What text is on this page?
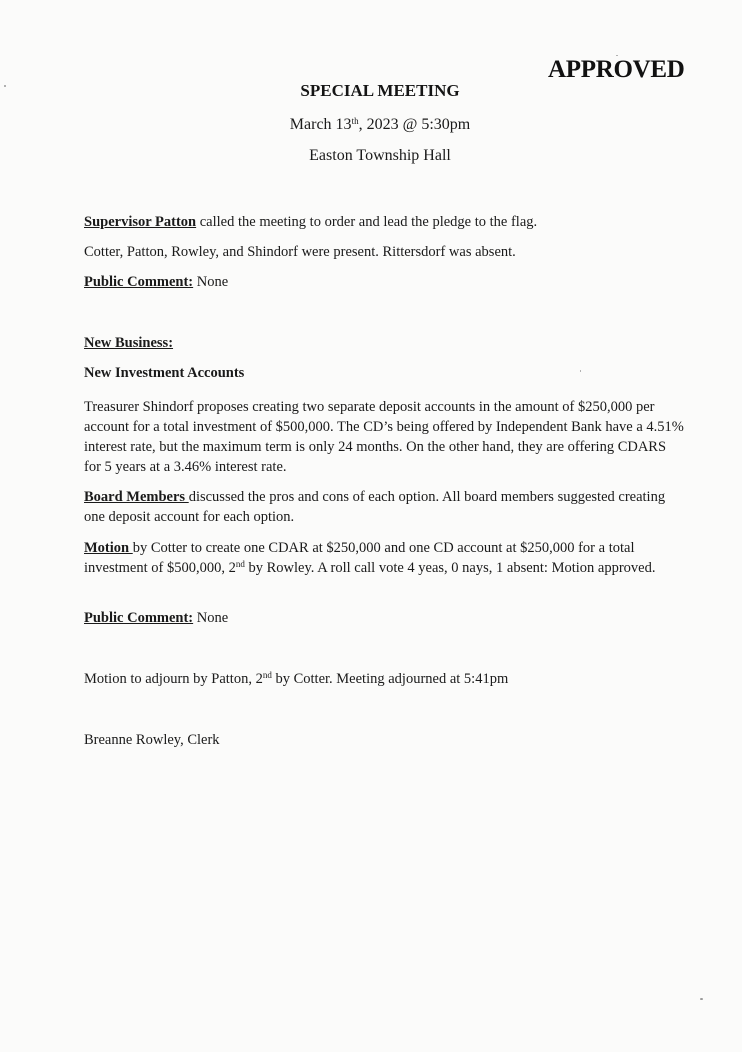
APPROVED
SPECIAL MEETING
March 13th, 2023 @ 5:30pm
Easton Township Hall
Supervisor Patton called the meeting to order and lead the pledge to the flag.
Cotter, Patton, Rowley, and Shindorf were present. Rittersdorf was absent.
Public Comment: None
New Business:
New Investment Accounts
Treasurer Shindorf proposes creating two separate deposit accounts in the amount of $250,000 per account for a total investment of $500,000. The CD’s being offered by Independent Bank have a 4.51% interest rate, but the maximum term is only 24 months. On the other hand, they are offering CDARS for 5 years at a 3.46% interest rate.
Board Members discussed the pros and cons of each option. All board members suggested creating one deposit account for each option.
Motion by Cotter to create one CDAR at $250,000 and one CD account at $250,000 for a total investment of $500,000, 2nd by Rowley. A roll call vote 4 yeas, 0 nays, 1 absent: Motion approved.
Public Comment: None
Motion to adjourn by Patton, 2nd by Cotter. Meeting adjourned at 5:41pm
Breanne Rowley, Clerk
